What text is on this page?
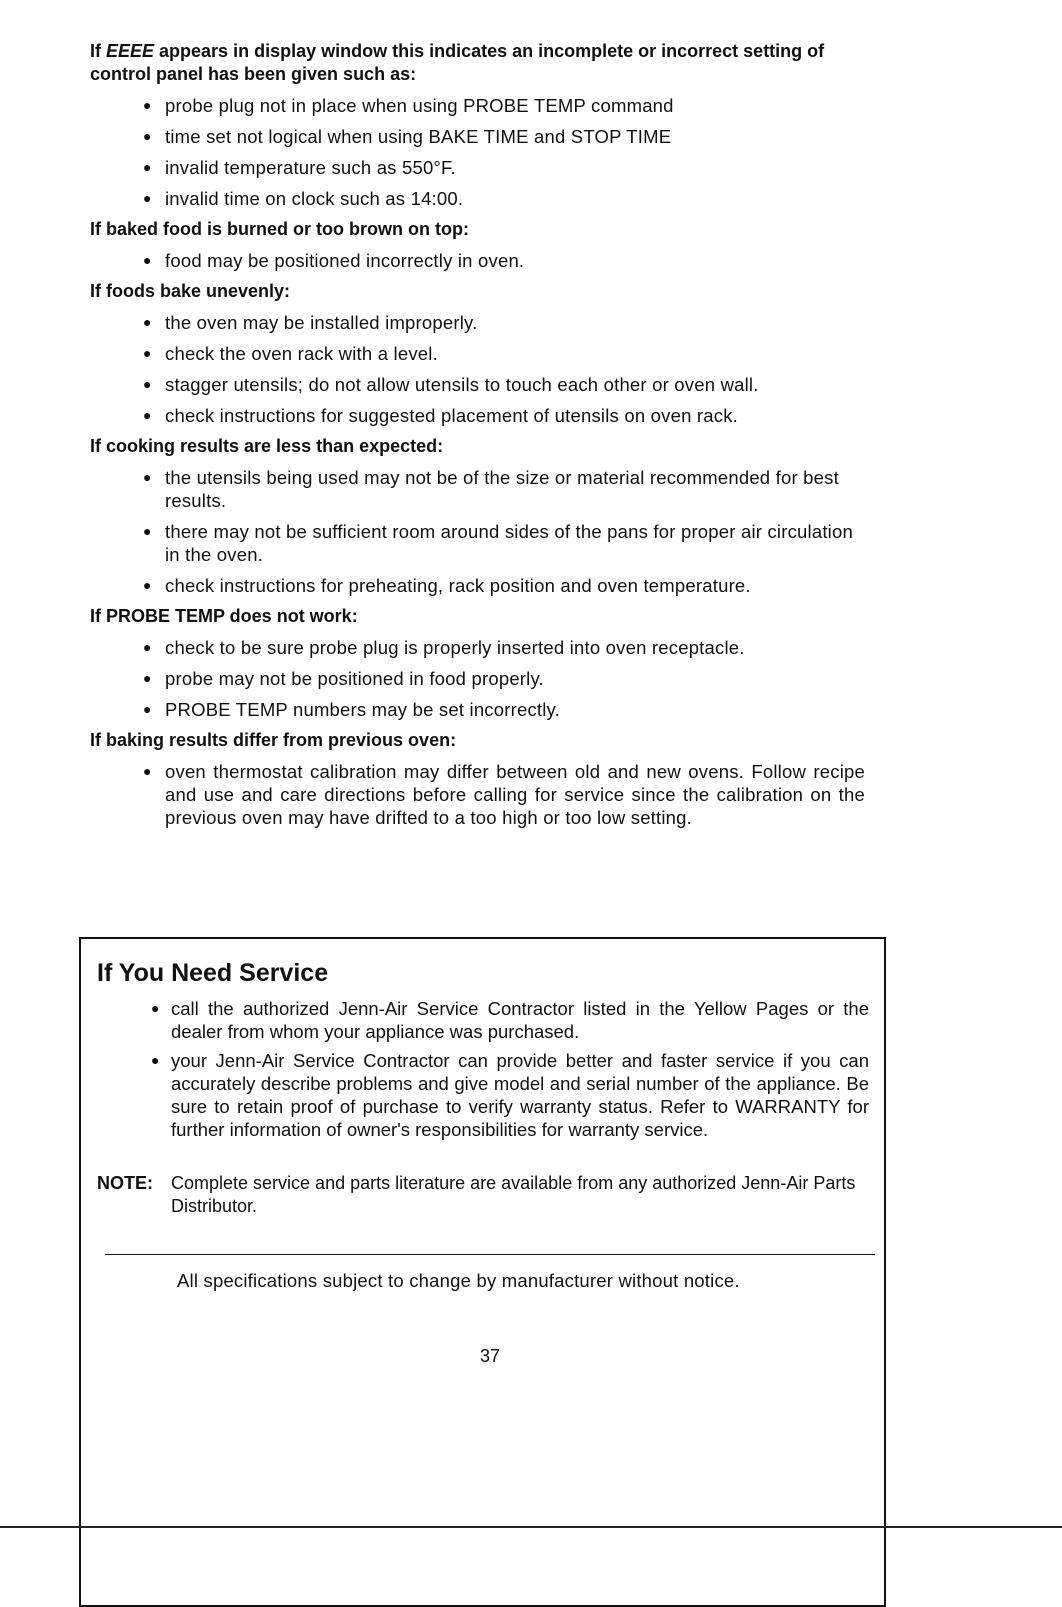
If EEEE appears in display window this indicates an incomplete or incorrect setting of control panel has been given such as:

● probe plug not in place when using PROBE TEMP command
● time set not logical when using BAKE TIME and STOP TIME
● invalid temperature such as 550°F.
● invalid time on clock such as 14:00.

If baked food is burned or too brown on top:

● food may be positioned incorrectly in oven.

If foods bake unevenly:

● the oven may be installed improperly.
● check the oven rack with a level.
● stagger utensils; do not allow utensils to touch each other or oven wall.
● check instructions for suggested placement of utensils on oven rack.

If cooking results are less than expected:

● the utensils being used may not be of the size or material recommended for best results.
● there may not be sufficient room around sides of the pans for proper air circulation in the oven.
● check instructions for preheating, rack position and oven temperature.

If PROBE TEMP does not work:

● check to be sure probe plug is properly inserted into oven receptacle.
● probe may not be positioned in food properly.
● PROBE TEMP numbers may be set incorrectly.

If baking results differ from previous oven:

● oven thermostat calibration may differ between old and new ovens. Follow recipe and use and care directions before calling for service since the calibration on the previous oven may have drifted to a too high or too low setting.
If You Need Service
● call the authorized Jenn-Air Service Contractor listed in the Yellow Pages or the dealer from whom your appliance was purchased.
● your Jenn-Air Service Contractor can provide better and faster service if you can accurately describe problems and give model and serial number of the appliance. Be sure to retain proof of purchase to verify warranty status. Refer to WARRANTY for further information of owner's responsibilities for warranty service.
NOTE:	Complete service and parts literature are available from any authorized Jenn-Air Parts Distributor.
All specifications subject to change by manufacturer without notice.
37
